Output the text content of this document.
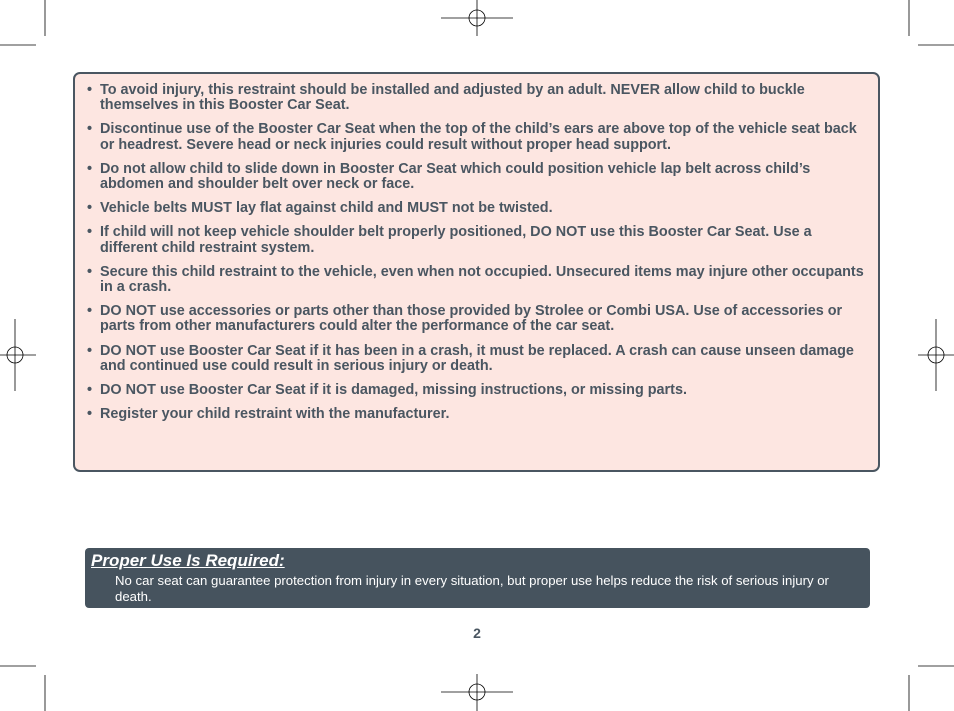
• To avoid injury, this restraint should be installed and adjusted by an adult. NEVER allow child to buckle themselves in this Booster Car Seat.
• Discontinue use of the Booster Car Seat when the top of the child’s ears are above top of the vehicle seat back or headrest. Severe head or neck injuries could result without proper head support.
• Do not allow child to slide down in Booster Car Seat which could position vehicle lap belt across child’s abdomen and shoulder belt over neck or face.
• Vehicle belts MUST lay flat against child and MUST not be twisted.
• If child will not keep vehicle shoulder belt properly positioned, DO NOT use this Booster Car Seat. Use a different child restraint system.
• Secure this child restraint to the vehicle, even when not occupied. Unsecured items may injure other occupants in a crash.
• DO NOT use accessories or parts other than those provided by Strolee or Combi USA. Use of accessories or parts from other manufacturers could alter the performance of the car seat.
• DO NOT use Booster Car Seat if it has been in a crash, it must be replaced. A crash can cause unseen damage and continued use could result in serious injury or death.
• DO NOT use Booster Car Seat if it is damaged, missing instructions, or missing parts.
• Register your child restraint with the manufacturer.
Proper Use Is Required:
No car seat can guarantee protection from injury in every situation, but proper use helps reduce the risk of serious injury or death.
2
